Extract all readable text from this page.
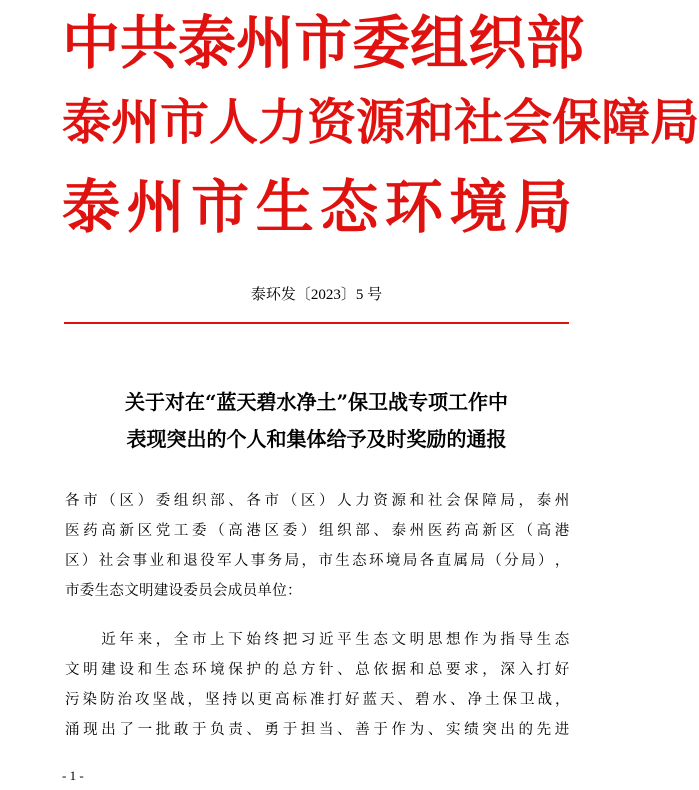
中 共 泰 州 市 委 组 织 部
泰 州 市 人 力 资 源 和 社 会 保 障 局
泰 州 市 生 态 环 境 局
泰环发〔2023〕5 号
关于对在“蓝天碧水净土”保卫战专项工作中
表现突出的个人和集体给予及时奖励的通报
各 市 （ 区 ） 委 组 织 部 、 各 市 （ 区 ） 人 力 资 源 和 社 会 保 障 局 ， 泰 州
医 药 高 新 区 党 工 委 （ 高 港 区 委 ） 组 织 部 、 泰 州 医 药 高 新 区 （ 高 港
区 ） 社 会 事 业 和 退 役 军 人 事 务 局 ， 市 生 态 环 境 局 各 直 属 局 （ 分 局 ） ，
市委生态文明建设委员会成员单位：

近 年 来 ， 全 市 上 下 始 终 把 习 近 平 生 态 文 明 思 想 作 为 指 导 生 态
文 明 建 设 和 生 态 环 境 保 护 的 总 方 针 、 总 依 据 和 总 要 求 ， 深 入 打 好
污 染 防 治 攻 坚 战 ， 坚 持 以 更 高 标 准 打 好 蓝 天 、 碧 水 、 净 土 保 卫 战 ，
涌 现 出 了 一 批 敢 于 负 责 、 勇 于 担 当 、 善 于 作 为 、 实 绩 突 出 的 先 进
- 1 -
